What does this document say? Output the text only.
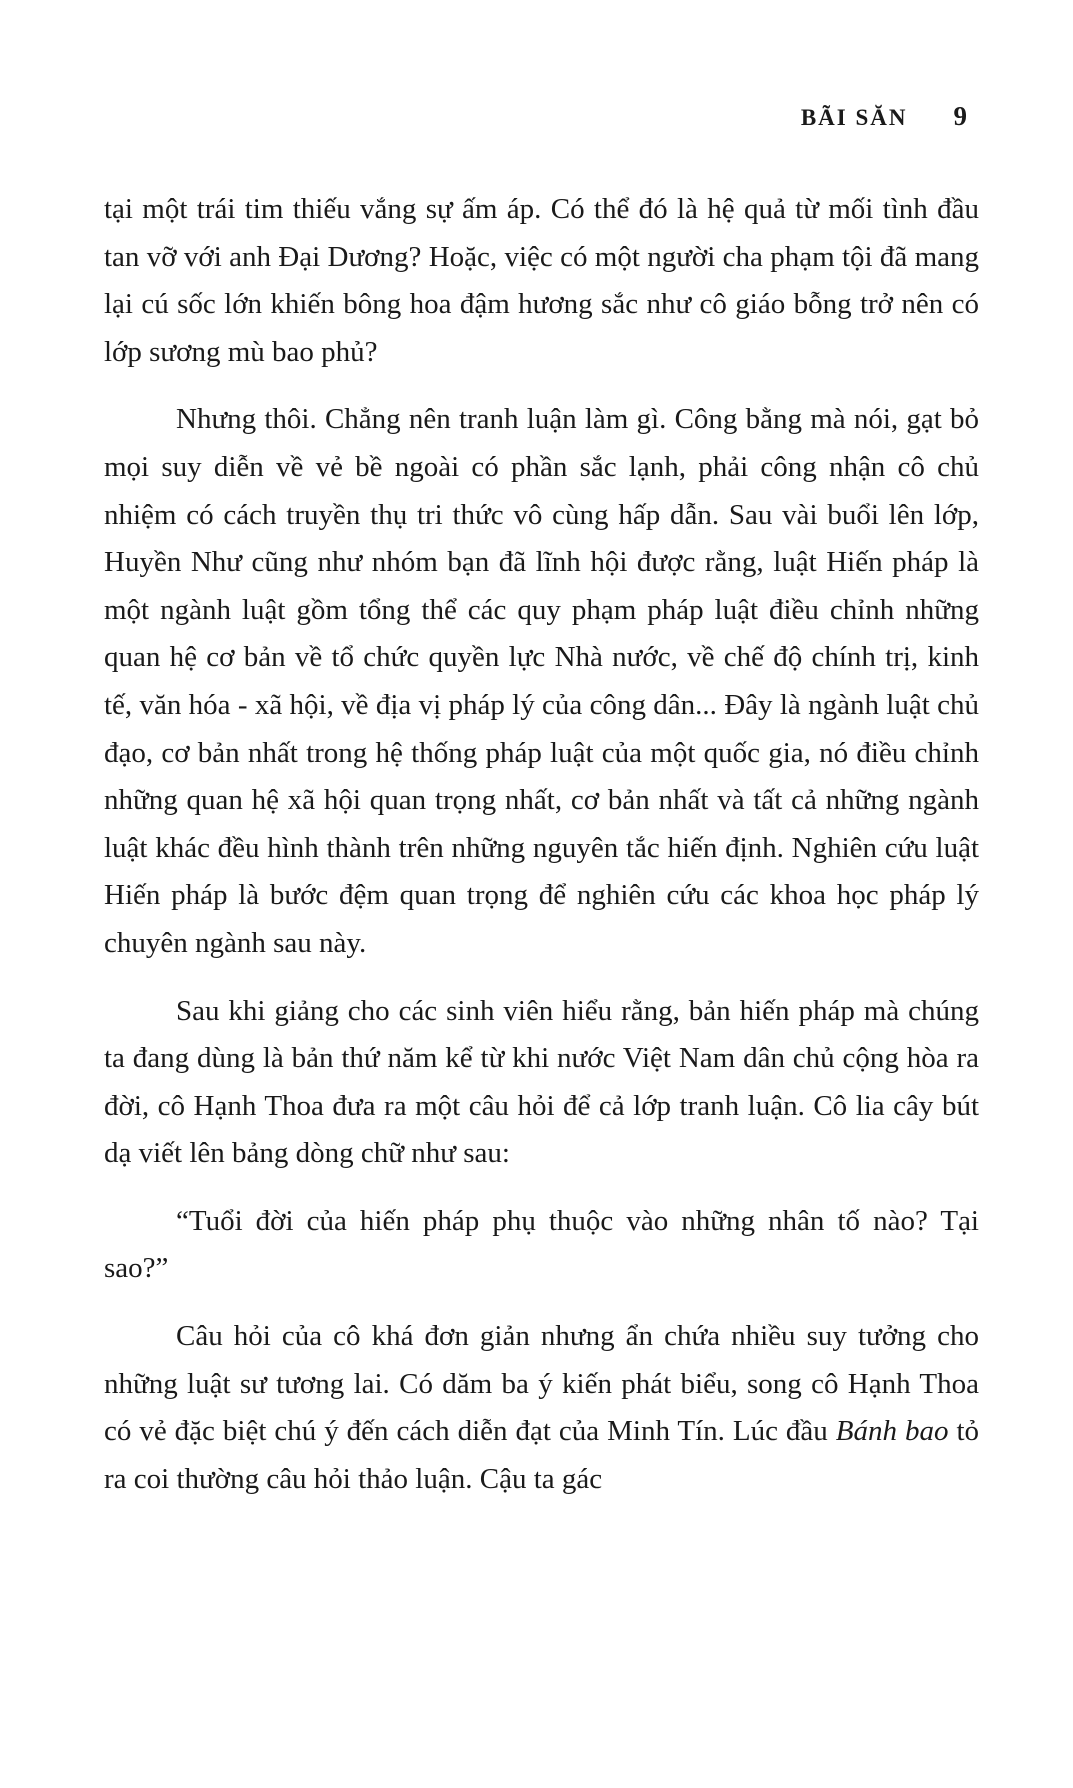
BÃI SĂN 9

tại một trái tim thiếu vắng sự ấm áp. Có thể đó là hệ quả từ mối tình đầu tan vỡ với anh Đại Dương? Hoặc, việc có một người cha phạm tội đã mang lại cú sốc lớn khiến bông hoa đậm hương sắc như cô giáo bỗng trở nên có lớp sương mù bao phủ?

Nhưng thôi. Chẳng nên tranh luận làm gì. Công bằng mà nói, gạt bỏ mọi suy diễn về vẻ bề ngoài có phần sắc lạnh, phải công nhận cô chủ nhiệm có cách truyền thụ tri thức vô cùng hấp dẫn. Sau vài buổi lên lớp, Huyền Như cũng như nhóm bạn đã lĩnh hội được rằng, luật Hiến pháp là một ngành luật gồm tổng thể các quy phạm pháp luật điều chỉnh những quan hệ cơ bản về tổ chức quyền lực Nhà nước, về chế độ chính trị, kinh tế, văn hóa - xã hội, về địa vị pháp lý của công dân... Đây là ngành luật chủ đạo, cơ bản nhất trong hệ thống pháp luật của một quốc gia, nó điều chỉnh những quan hệ xã hội quan trọng nhất, cơ bản nhất và tất cả những ngành luật khác đều hình thành trên những nguyên tắc hiến định. Nghiên cứu luật Hiến pháp là bước đệm quan trọng để nghiên cứu các khoa học pháp lý chuyên ngành sau này.

Sau khi giảng cho các sinh viên hiểu rằng, bản hiến pháp mà chúng ta đang dùng là bản thứ năm kể từ khi nước Việt Nam dân chủ cộng hòa ra đời, cô Hạnh Thoa đưa ra một câu hỏi để cả lớp tranh luận. Cô lia cây bút dạ viết lên bảng dòng chữ như sau:

“Tuổi đời của hiến pháp phụ thuộc vào những nhân tố nào? Tại sao?”

Câu hỏi của cô khá đơn giản nhưng ẩn chứa nhiều suy tưởng cho những luật sư tương lai. Có dăm ba ý kiến phát biểu, song cô Hạnh Thoa có vẻ đặc biệt chú ý đến cách diễn đạt của Minh Tín. Lúc đầu Bánh bao tỏ ra coi thường câu hỏi thảo luận. Cậu ta gác
